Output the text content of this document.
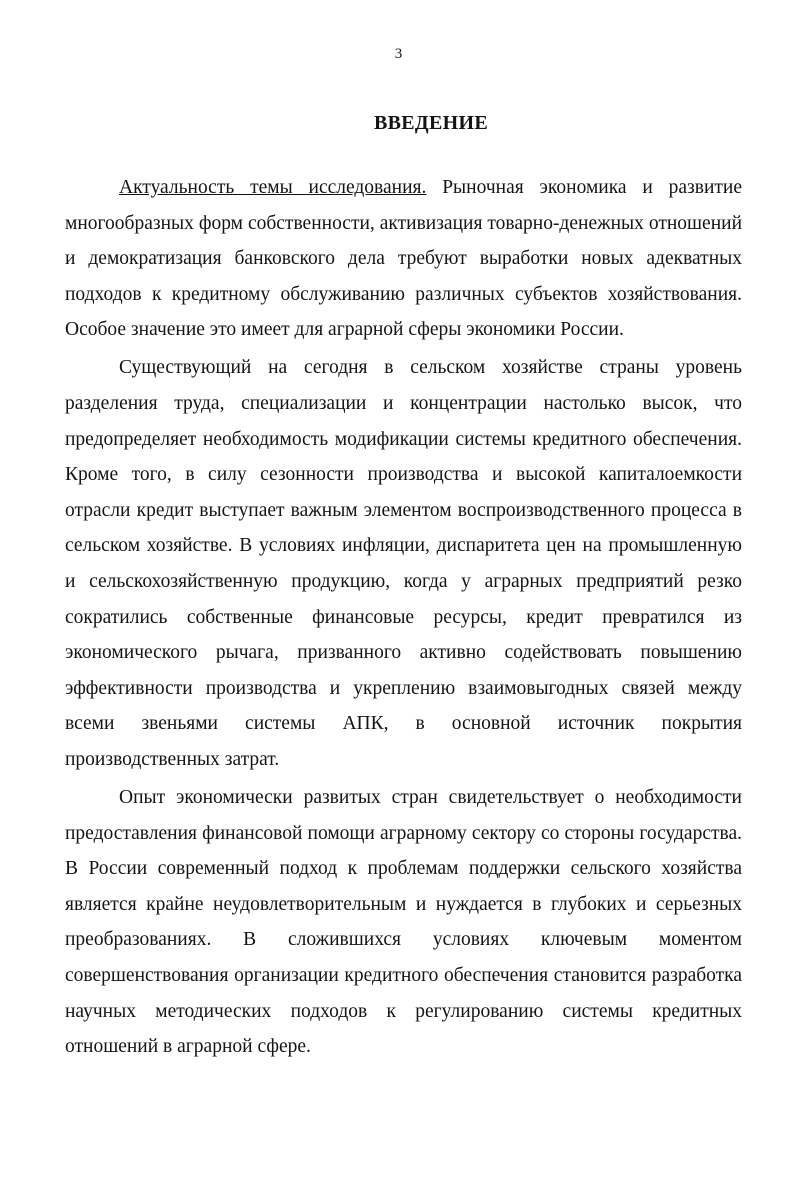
3
ВВЕДЕНИЕ

Актуальность темы исследования. Рыночная экономика и развитие многообразных форм собственности, активизация товарно-денежных отношений и демократизация банковского дела требуют выработки новых адекватных подходов к кредитному обслуживанию различных субъектов хозяйствования. Особое значение это имеет для аграрной сферы экономики России.

Существующий на сегодня в сельском хозяйстве страны уровень разделения труда, специализации и концентрации настолько высок, что предопределяет необходимость модификации системы кредитного обеспечения. Кроме того, в силу сезонности производства и высокой капиталоемкости отрасли кредит выступает важным элементом воспроизводственного процесса в сельском хозяйстве. В условиях инфляции, диспаритета цен на промышленную и сельскохозяйственную продукцию, когда у аграрных предприятий резко сократились собственные финансовые ресурсы, кредит превратился из экономического рычага, призванного активно содействовать повышению эффективности производства и укреплению взаимовыгодных связей между всеми звеньями системы АПК, в основной источник покрытия производственных затрат.

Опыт экономически развитых стран свидетельствует о необходимости предоставления финансовой помощи аграрному сектору со стороны государства. В России современный подход к проблемам поддержки сельского хозяйства является крайне неудовлетворительным и нуждается в глубоких и серьезных преобразованиях. В сложившихся условиях ключевым моментом совершенствования организации кредитного обеспечения становится разработка научных методических подходов к регулированию системы кредитных отношений в аграрной сфере.
